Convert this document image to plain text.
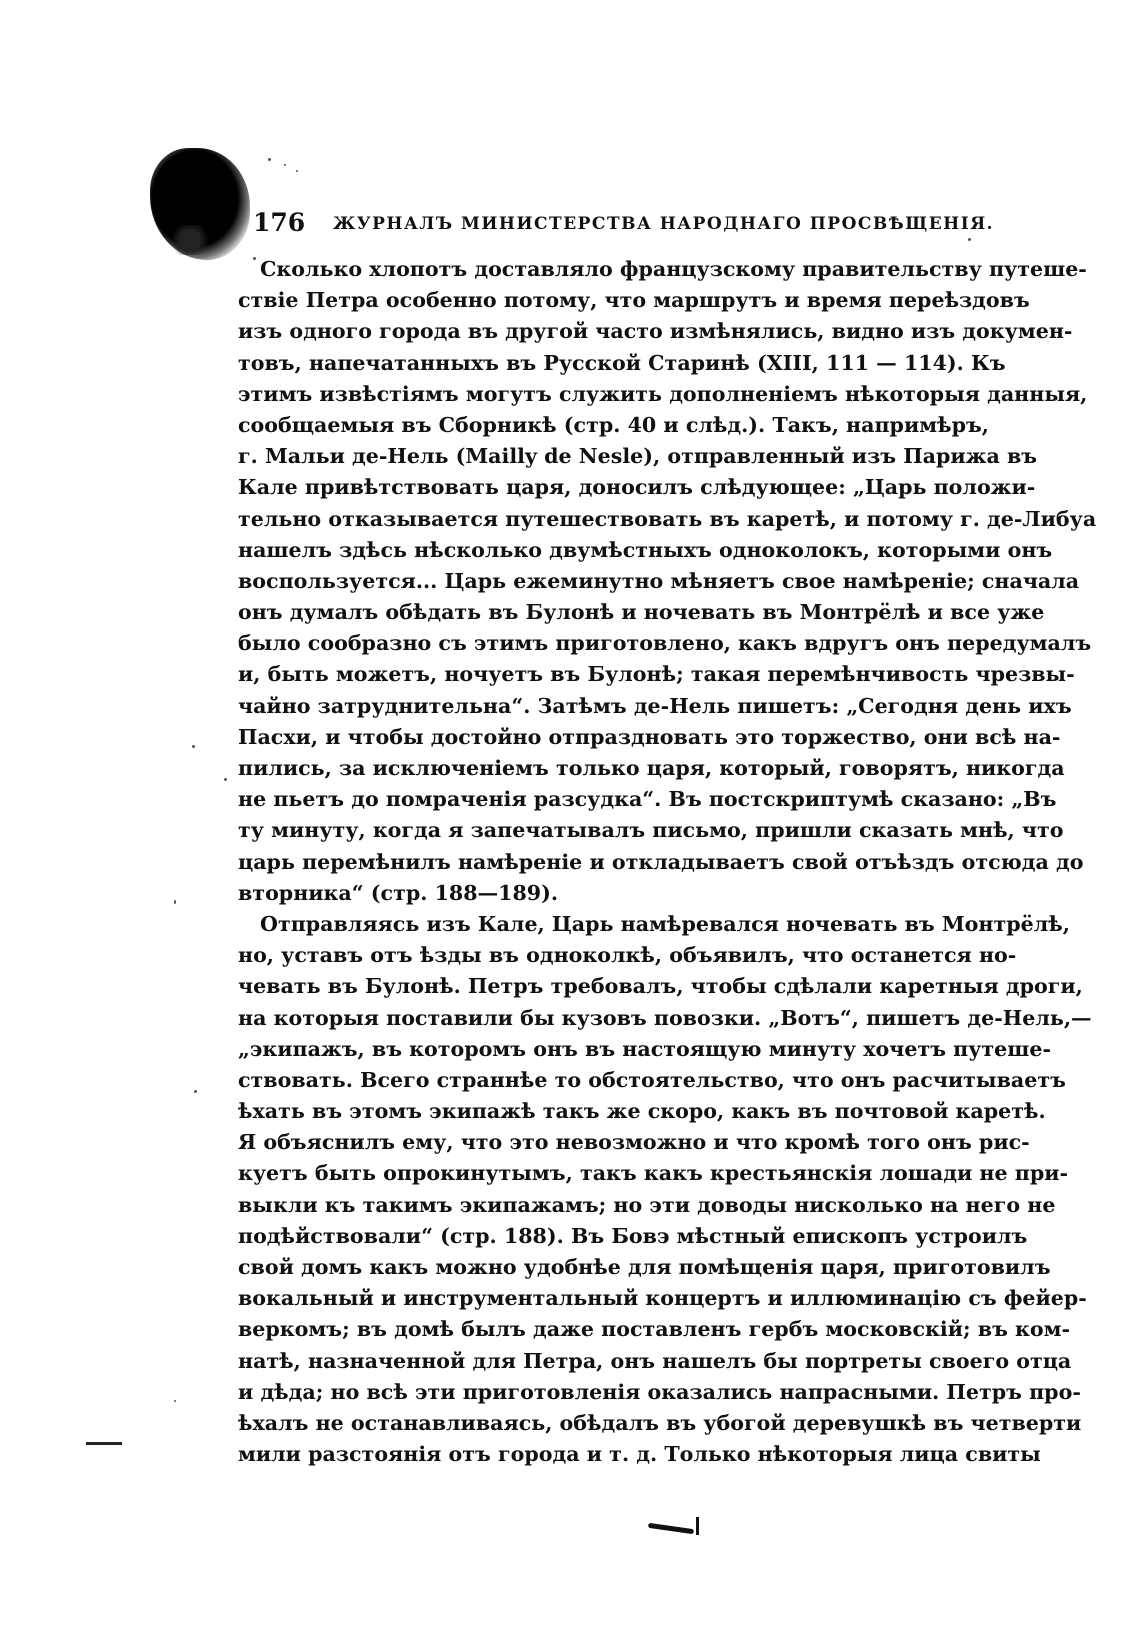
176 ЖУРНАЛЪ МИНИСТЕРСТВА НАРОДНАГО ПРОСВѢЩЕНІЯ.
Сколько хлопотъ доставляло французскому правительству путеше-
ствіе Петра особенно потому, что маршрутъ и время переѣздовъ
изъ одного города въ другой часто измѣнялись, видно изъ докумен-
товъ, напечатанныхъ въ Русской Старинѣ (XIII, 111 — 114). Къ
этимъ извѣстіямъ могутъ служить дополненіемъ нѣкоторыя данныя,
сообщаемыя въ Сборникѣ (стр. 40 и слѣд.). Такъ, напримѣръ,
г. Мальи де-Нель (Mailly de Nesle), отправленный изъ Парижа въ
Кале привѣтствовать царя, доносилъ слѣдующее: „Царь положи-
тельно отказывается путешествовать въ каретѣ, и потому г. де-Либуа
нашелъ здѣсь нѣсколько двумѣстныхъ одноколокъ, которыми онъ
воспользуется... Царь ежеминутно мѣняетъ свое намѣреніе; сначала
онъ думалъ обѣдать въ Булонѣ и ночевать въ Монтрёлѣ и все уже
было сообразно съ этимъ приготовлено, какъ вдругъ онъ передумалъ
и, быть можетъ, ночуетъ въ Булонѣ; такая перемѣнчивость чрезвы-
чайно затруднительна“. Затѣмъ де-Нель пишетъ: „Сегодня день ихъ
Пасхи, и чтобы достойно отпраздновать это торжество, они всѣ на-
пились, за исключеніемъ только царя, который, говорятъ, никогда
не пьетъ до помраченія разсудка“. Въ постскриптумѣ сказано: „Въ
ту минуту, когда я запечатывалъ письмо, пришли сказать мнѣ, что
царь перемѣнилъ намѣреніе и откладываетъ свой отъѣздъ отсюда до
вторника“ (стр. 188—189).
Отправляясь изъ Кале, Царь намѣревался ночевать въ Монтрёлѣ,
но, уставъ отъ ѣзды въ одноколкѣ, объявилъ, что останется но-
чевать въ Булонѣ. Петръ требовалъ, чтобы сдѣлали каретныя дроги,
на которыя поставили бы кузовъ повозки. „Вотъ“, пишетъ де-Нель,—
„экипажъ, въ которомъ онъ въ настоящую минуту хочетъ путеше-
ствовать. Всего страннѣе то обстоятельство, что онъ расчитываетъ
ѣхать въ этомъ экипажѣ такъ же скоро, какъ въ почтовой каретѣ.
Я объяснилъ ему, что это невозможно и что кромѣ того онъ рис-
куетъ быть опрокинутымъ, такъ какъ крестьянскія лошади не при-
выкли къ такимъ экипажамъ; но эти доводы нисколько на него не
подѣйствовали“ (стр. 188). Въ Бовэ мѣстный епископъ устроилъ
свой домъ какъ можно удобнѣе для помѣщенія царя, приготовилъ
вокальный и инструментальный концертъ и иллюминацію съ фейер-
веркомъ; въ домѣ былъ даже поставленъ гербъ московскій; въ ком-
натѣ, назначенной для Петра, онъ нашелъ бы портреты своего отца
и дѣда; но всѣ эти приготовленія оказались напрасными. Петръ про-
ѣхалъ не останавливаясь, обѣдалъ въ убогой деревушкѣ въ четверти
мили разстоянія отъ города и т. д. Только нѣкоторыя лица свиты
